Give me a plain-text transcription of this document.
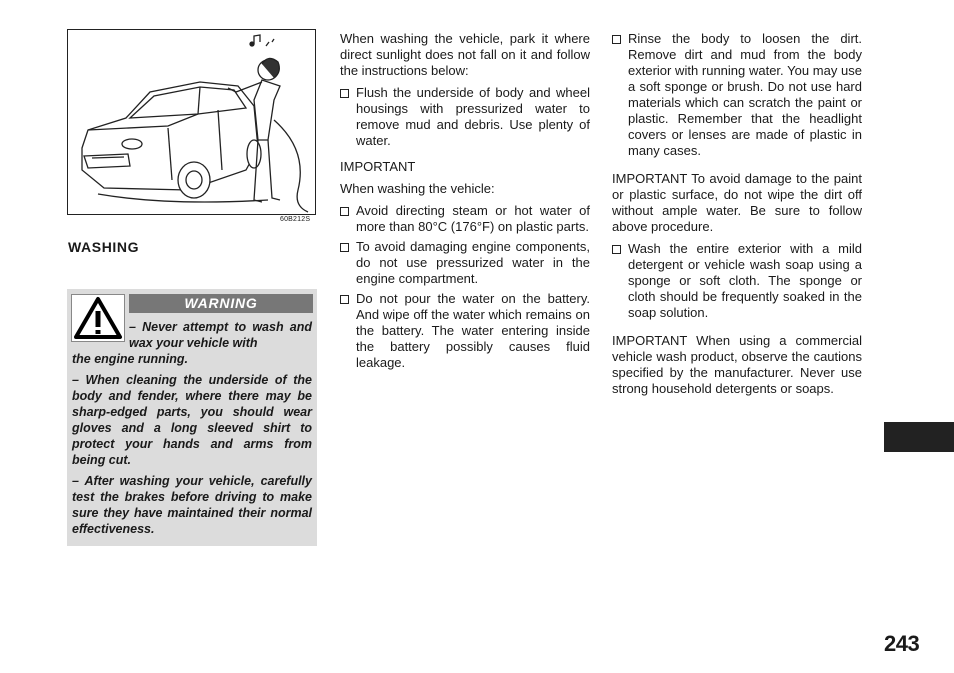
60B212S
WASHING
WARNING

– Never attempt to wash and wax your vehicle with
the engine running.

– When cleaning the underside of the body and fender, where there may be sharp-edged parts, you should wear gloves and a long sleeved shirt to protect your hands and arms from being cut.

– After washing your vehicle, carefully test the brakes before driving to make sure they have maintained their normal effectiveness.

When washing the vehicle, park it where direct sunlight does not fall on it and follow the instructions below:

Flush the underside of body and wheel housings with pressurized water to remove mud and debris. Use plenty of water.

IMPORTANT

When washing the vehicle:

Avoid directing steam or hot water of more than 80°C (176°F) on plastic parts.
To avoid damaging engine components, do not use pressurized water in the engine compartment.
Do not pour the water on the battery. And wipe off the water which remains on the battery. The water entering inside the battery possibly causes fluid leakage.
Rinse the body to loosen the dirt. Remove dirt and mud from the body exterior with running water. You may use a soft sponge or brush. Do not use hard materials which can scratch the paint or plastic. Remember that the headlight covers or lenses are made of plastic in many cases.

IMPORTANT To avoid damage to the paint or plastic surface, do not wipe the dirt off without ample water. Be sure to follow above procedure.

Wash the entire exterior with a mild detergent or vehicle wash soap using a sponge or soft cloth. The sponge or cloth should be frequently soaked in the soap solution.

IMPORTANT When using a commercial vehicle wash product, observe the cautions specified by the manufacturer. Never use strong household detergents or soaps.

243
